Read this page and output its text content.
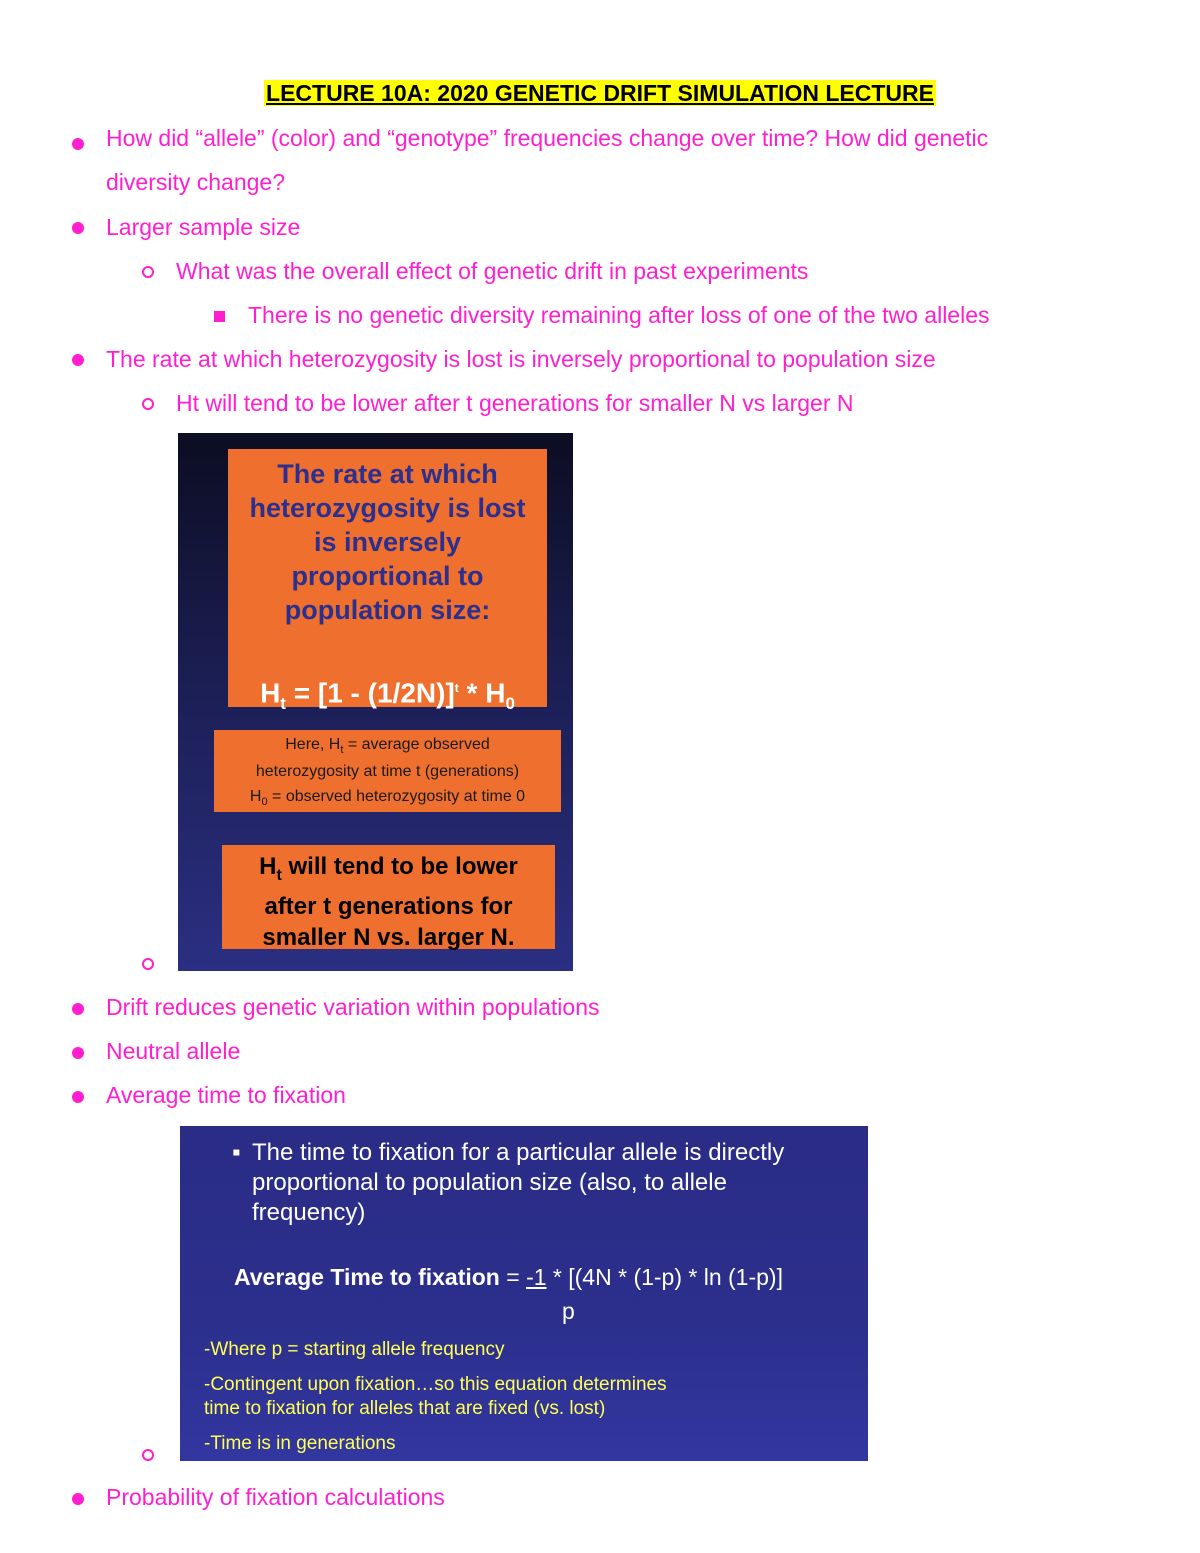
LECTURE 10A: 2020 GENETIC DRIFT SIMULATION LECTURE
How did “allele” (color) and “genotype” frequencies change over time? How did genetic
diversity change?
Larger sample size
What was the overall effect of genetic drift in past experiments
There is no genetic diversity remaining after loss of one of the two alleles
The rate at which heterozygosity is lost is inversely proportional to population size
Ht will tend to be lower after t generations for smaller N vs larger N
The rate at which
heterozygosity is lost
is inversely
proportional to
population size:
$H_t = [1 - (1/2N)]^t * H_0$
Here, $H_t$ = average observed
heterozygosity at time t (generations)
$H_0$ = observed heterozygosity at time 0
$H_t$ will tend to be lower
after t generations for
smaller N vs. larger N.
Drift reduces genetic variation within populations
Neutral allele
Average time to fixation
▪ The time to fixation for a particular allele is directly
proportional to population size (also, to allele
frequency)
Average Time to fixation = -1 * [(4N * (1-p) * ln (1-p)]
p
-Where p = starting allele frequency
-Contingent upon fixation…so this equation determines
time to fixation for alleles that are fixed (vs. lost)
-Time is in generations
Probability of fixation calculations
